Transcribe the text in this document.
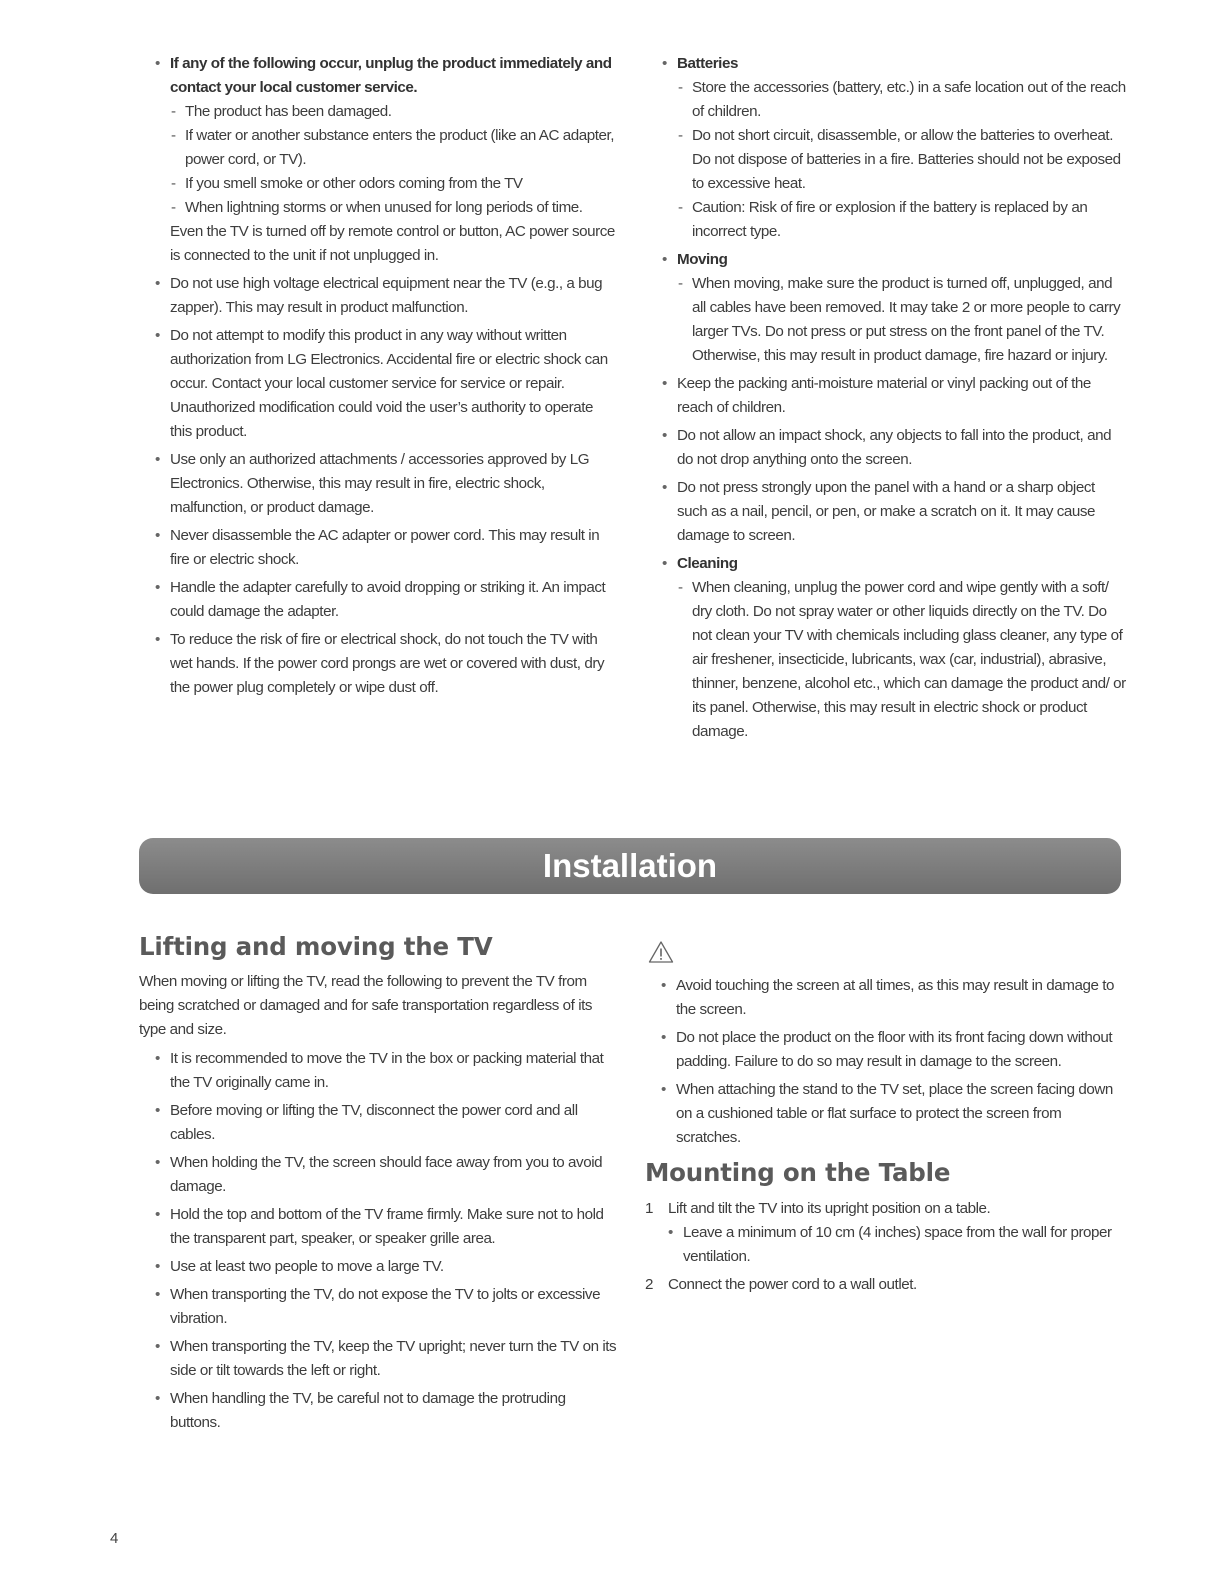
• If any of the following occur, unplug the product immediately and contact your local customer service.
- The product has been damaged.
- If water or another substance enters the product (like an AC adapter, power cord, or TV).
- If you smell smoke or other odors coming from the TV
- When lightning storms or when unused for long periods of time.

Even the TV is turned off by remote control or button, AC power source is connected to the unit if not unplugged in.

• Do not use high voltage electrical equipment near the TV (e.g., a bug zapper). This may result in product malfunction.
• Do not attempt to modify this product in any way without written authorization from LG Electronics. Accidental fire or electric shock can occur. Contact your local customer service for service or repair. Unauthorized modification could void the user’s authority to operate this product.
• Use only an authorized attachments / accessories approved by LG Electronics. Otherwise, this may result in fire, electric shock, malfunction, or product damage.
• Never disassemble the AC adapter or power cord. This may result in fire or electric shock.
• Handle the adapter carefully to avoid dropping or striking it. An impact could damage the adapter.
• To reduce the risk of fire or electrical shock, do not touch the TV with wet hands. If the power cord prongs are wet or covered with dust, dry the power plug completely or wipe dust off.
• Batteries
- Store the accessories (battery, etc.) in a safe location out of the reach of children.
- Do not short circuit, disassemble, or allow the batteries to overheat. Do not dispose of batteries in a fire. Batteries should not be exposed to excessive heat.
- Caution: Risk of fire or explosion if the battery is replaced by an incorrect type.
• Moving
- When moving, make sure the product is turned off, unplugged, and all cables have been removed. It may take 2 or more people to carry larger TVs. Do not press or put stress on the front panel of the TV. Otherwise, this may result in product damage, fire hazard or injury.
• Keep the packing anti-moisture material or vinyl packing out of the reach of children.
• Do not allow an impact shock, any objects to fall into the product, and do not drop anything onto the screen.
• Do not press strongly upon the panel with a hand or a sharp object such as a nail, pencil, or pen, or make a scratch on it. It may cause damage to screen.
• Cleaning
- When cleaning, unplug the power cord and wipe gently with a soft/ dry cloth. Do not spray water or other liquids directly on the TV. Do not clean your TV with chemicals including glass cleaner, any type of air freshener, insecticide, lubricants, wax (car, industrial), abrasive, thinner, benzene, alcohol etc., which can damage the product and/ or its panel. Otherwise, this may result in electric shock or product damage.
Installation
Lifting and moving the TV

When moving or lifting the TV, read the following to prevent the TV from being scratched or damaged and for safe transportation regardless of its type and size.

• It is recommended to move the TV in the box or packing material that the TV originally came in.
• Before moving or lifting the TV, disconnect the power cord and all cables.
• When holding the TV, the screen should face away from you to avoid damage.
• Hold the top and bottom of the TV frame firmly. Make sure not to hold the transparent part, speaker, or speaker grille area.
• Use at least two people to move a large TV.
• When transporting the TV, do not expose the TV to jolts or excessive vibration.
• When transporting the TV, keep the TV upright; never turn the TV on its side or tilt towards the left or right.
• When handling the TV, be careful not to damage the protruding buttons.
• Avoid touching the screen at all times, as this may result in damage to the screen.
• Do not place the product on the floor with its front facing down without padding. Failure to do so may result in damage to the screen.
• When attaching the stand to the TV set, place the screen facing down on a cushioned table or flat surface to protect the screen from scratches.
Mounting on the Table
1 Lift and tilt the TV into its upright position on a table.
• Leave a minimum of 10 cm (4 inches) space from the wall for proper ventilation.
2 Connect the power cord to a wall outlet.
4
